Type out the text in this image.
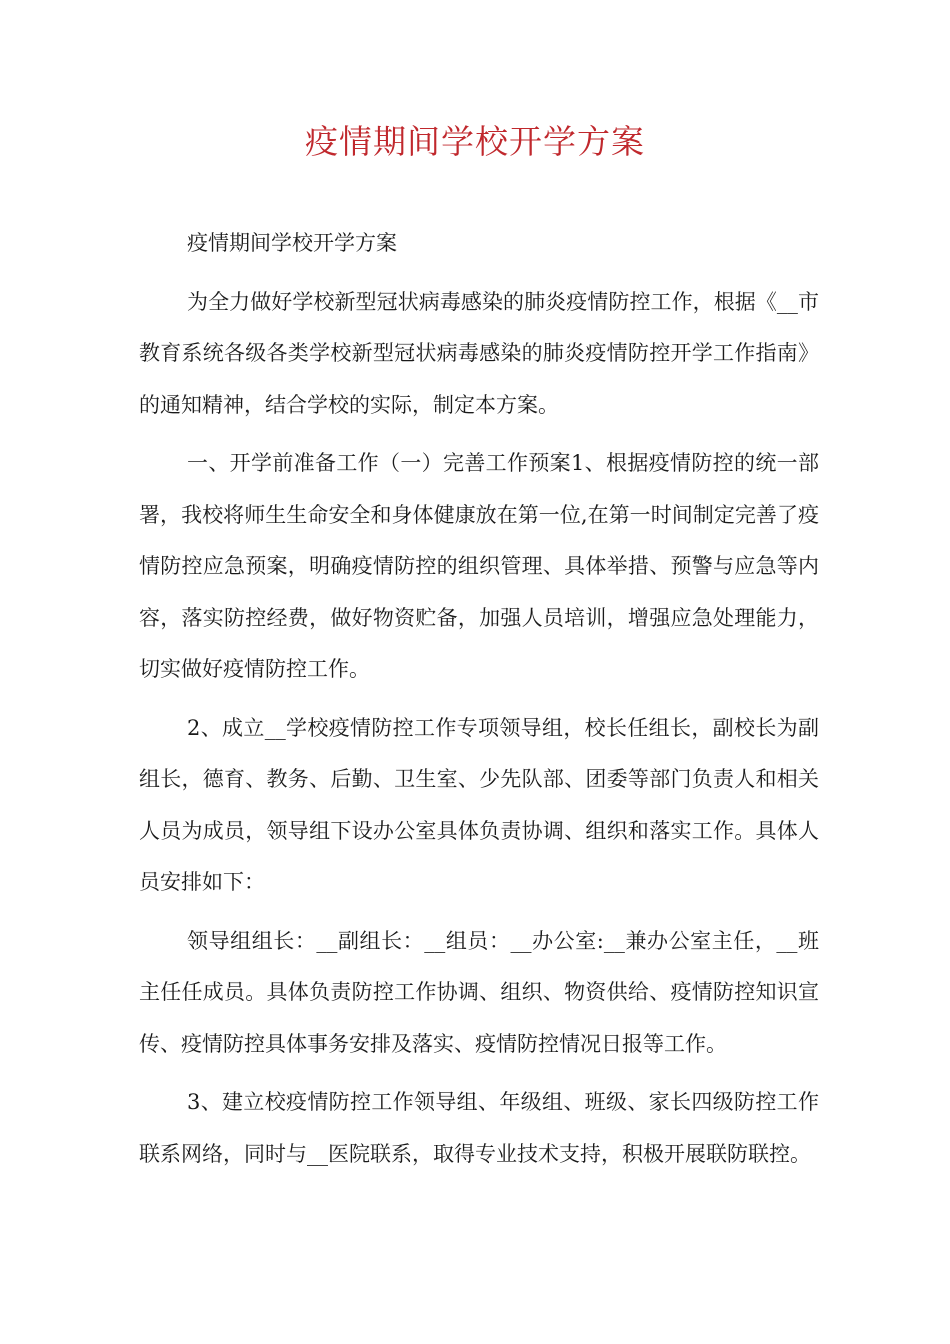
疫情期间学校开学方案

疫情期间学校开学方案

为全力做好学校新型冠状病毒感染的肺炎疫情防控工作，根据《__市教育系统各级各类学校新型冠状病毒感染的肺炎疫情防控开学工作指南》的通知精神，结合学校的实际，制定本方案。

一、开学前准备工作（一）完善工作预案1、根据疫情防控的统一部署，我校将师生生命安全和身体健康放在第一位,在第一时间制定完善了疫情防控应急预案，明确疫情防控的组织管理、具体举措、预警与应急等内容，落实防控经费，做好物资贮备，加强人员培训，增强应急处理能力，切实做好疫情防控工作。

2、成立__学校疫情防控工作专项领导组，校长任组长，副校长为副组长，德育、教务、后勤、卫生室、少先队部、团委等部门负责人和相关人员为成员，领导组下设办公室具体负责协调、组织和落实工作。具体人员安排如下：

领导组组长：__副组长：__组员：__办公室:__兼办公室主任，__班主任任成员。具体负责防控工作协调、组织、物资供给、疫情防控知识宣传、疫情防控具体事务安排及落实、疫情防控情况日报等工作。

3、建立校疫情防控工作领导组、年级组、班级、家长四级防控工作联系网络，同时与__医院联系，取得专业技术支持，积极开展联防联控。
